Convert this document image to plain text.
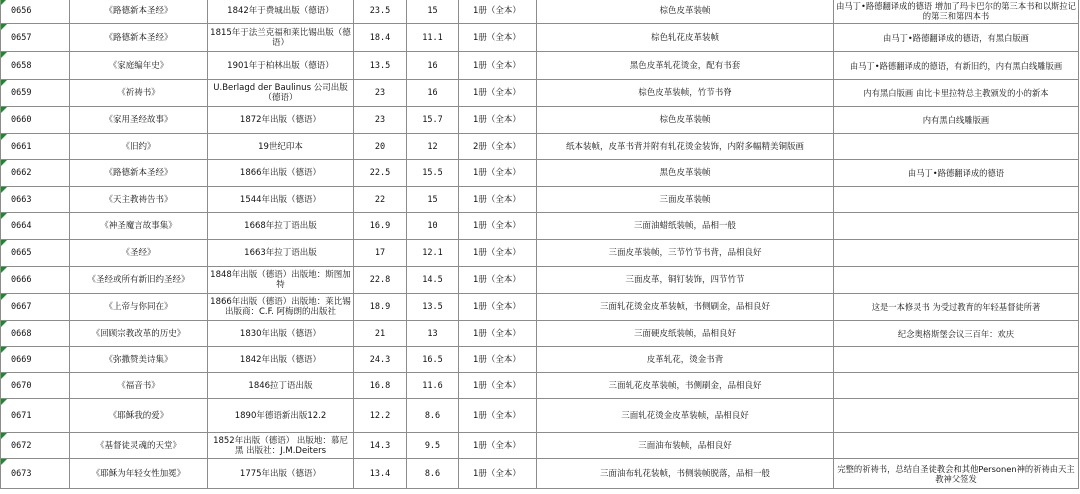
0656	《路德新本圣经》	1842年于费城出版（德语）	23.5	15	1册（全本）	棕色皮革装帧	由马丁•路德翻译成的德语 增加了玛卡巴尔的第三本书和以斯拉记的第三和第四本书
0657	《路德新本圣经》	1815年于法兰克福和莱比锡出版（德语）	18.4	11.1	1册（全本）	棕色轧花皮革装帧	由马丁•路德翻译成的德语，有黑白版画
0658	《家庭编年史》	1901年于柏林出版（德语）	13.5	16	1册（全本）	黑色皮革轧花烫金，配有书套	由马丁•路德翻译成的德语，有新旧约，内有黑白线雕版画
0659	《祈祷书》	U.Berlagd der Baulinus 公司出版（德语）	23	16	1册（全本）	棕色皮革装帧，竹节书脊	内有黑白版画 由比卡里拉特总主教颁发的小的新本
0660	《家用圣经故事》	1872年出版（德语）	23	15.7	1册（全本）	棕色皮革装帧	内有黑白线雕版画
0661	《旧约》	19世纪印本	20	12	2册（全本）	纸本装帧，皮革书背并附有轧花烫金装饰，内附多幅精美铜版画	
0662	《路德新本圣经》	1866年出版（德语）	22.5	15.5	1册（全本）	黑色皮革装帧	由马丁•路德翻译成的德语
0663	《天主教祷告书》	1544年出版（德语）	22	15	1册（全本）	三面皮革装帧	
0664	《神圣魔言故事集》	1668年拉丁语出版	16.9	10	1册（全本）	三面油蜡纸装帧，品相一般	
0665	《圣经》	1663年拉丁语出版	17	12.1	1册（全本）	三面皮革装帧，三节竹节书背，品相良好	
0666	《圣经或所有新旧约圣经》	1848年出版（德语）出版地：斯图加特	22.8	14.5	1册（全本）	三面皮革，铜钉装饰，四节竹节	
0667	《上帝与你同在》	1866年出版（德语）出版地：莱比锡 出版商：C.F. 阿梅朗的出版社	18.9	13.5	1册（全本）	三面轧花烫金皮革装帧，书侧刷金，品相良好	这是一本修灵书 为受过教育的年轻基督徒所著
0668	《回顾宗教改革的历史》	1830年出版（德语）	21	13	1册（全本）	三面硬皮纸装帧，品相良好	纪念奥格斯堡会议三百年：欢庆
0669	《弥撒赞美诗集》	1842年出版（德语）	24.3	16.5	1册（全本）	皮革轧花，烫金书背	
0670	《福音书》	1846拉丁语出版	16.8	11.6	1册（全本）	三面轧花皮革装帧，书侧刷金，品相良好	
0671	《耶稣我的爱》	1890年德语新出版12.2	12.2	8.6	1册（全本）	三面轧花烫金皮革装帧，品相良好	
0672	《基督徒灵魂的天堂》	1852年出版（德语） 出版地：慕尼黑 出版社：J.M.Deiters	14.3	9.5	1册（全本）	三面油布装帧，品相良好	
0673	《耶稣为年轻女性加冕》	1775年出版（德语）	13.4	8.6	1册（全本）	三面油布轧花装帧，书侧装帧脱落，品相一般	完整的祈祷书，总结自圣徒教会和其他Personen神的祈祷由天主教神父签发
